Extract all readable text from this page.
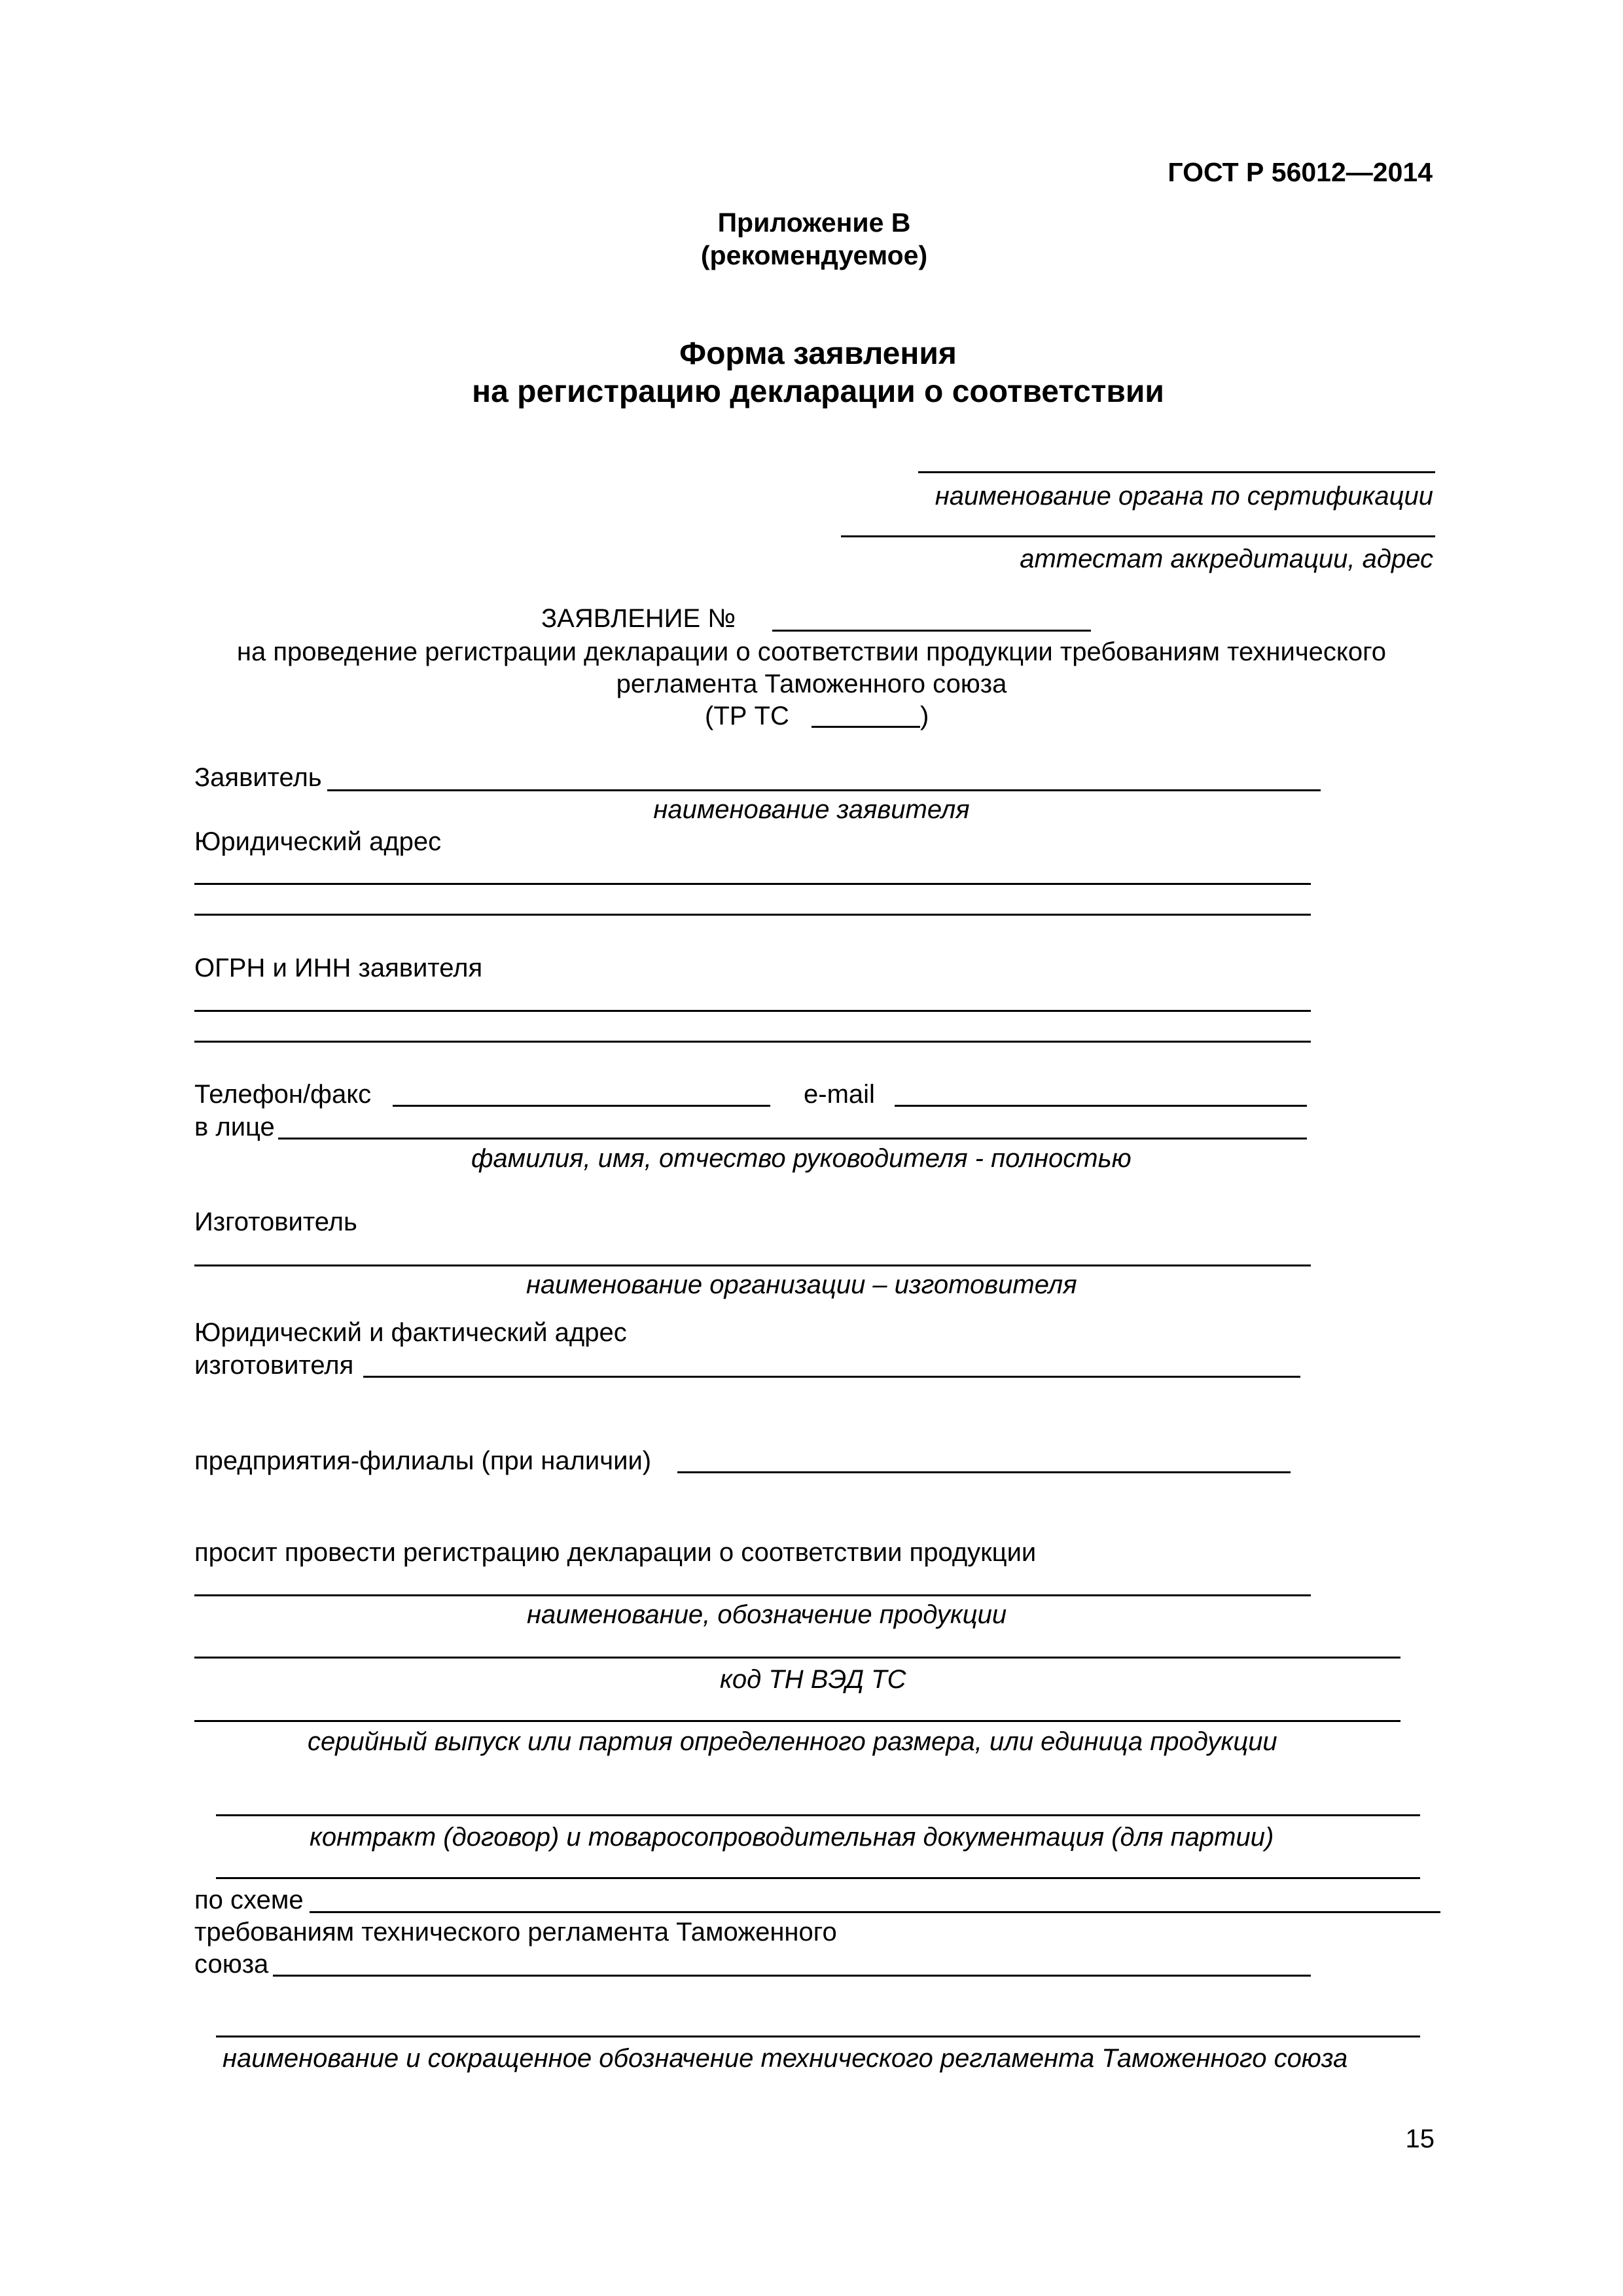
ГОСТ Р 56012—2014
Приложение В
(рекомендуемое)
Форма заявления
на регистрацию декларации о соответствии
наименование органа по сертификации
аттестат аккредитации, адрес
ЗАЯВЛЕНИЕ №
на проведение регистрации декларации о соответствии продукции требованиям технического
регламента Таможенного союза
(ТР ТС	)
Заявитель
наименование заявителя
Юридический адрес
ОГРН и ИНН заявителя
Телефон/факс	e-mail
в лице
фамилия, имя, отчество руководителя - полностью
Изготовитель
наименование организации – изготовителя
Юридический и фактический адрес
изготовителя
предприятия-филиалы (при наличии)
просит провести регистрацию декларации о соответствии продукции
наименование, обозначение продукции
код ТН ВЭД ТС
серийный выпуск или партия определенного размера, или единица продукции
контракт (договор) и товаросопроводительная документация (для партии)
по схеме
требованиям технического регламента Таможенного
союза
наименование и сокращенное обозначение технического регламента Таможенного союза
15
